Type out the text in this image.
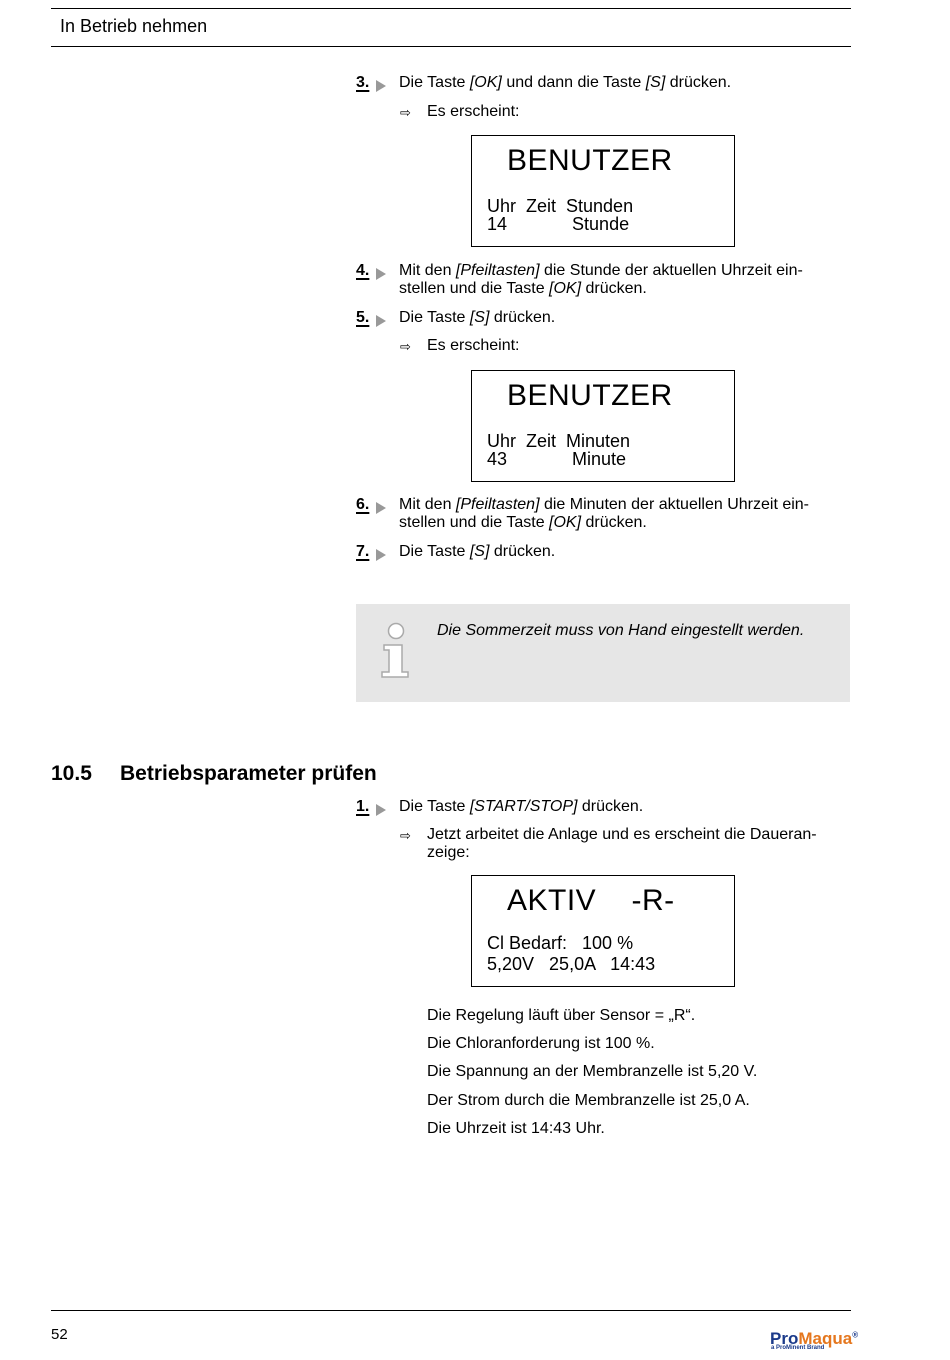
In Betrieb nehmen
3. Die Taste [OK] und dann die Taste [S] drücken.
⇨ Es erscheint:
BENUTZER
Uhr  Zeit  Stunden
14             Stunde
4. Mit den [Pfeiltasten] die Stunde der aktuellen Uhrzeit ein-
stellen und die Taste [OK] drücken.
5. Die Taste [S] drücken.
⇨ Es erscheint:
BENUTZER
Uhr  Zeit  Minuten
43             Minute
6. Mit den [Pfeiltasten] die Minuten der aktuellen Uhrzeit ein-
stellen und die Taste [OK] drücken.
7. Die Taste [S] drücken.
Die Sommerzeit muss von Hand eingestellt werden.
10.5 Betriebsparameter prüfen
1. Die Taste [START/STOP] drücken.
⇨ Jetzt arbeitet die Anlage und es erscheint die Daueran-
zeige:
AKTIV    -R-
Cl Bedarf:   100 %
5,20V   25,0A   14:43
Die Regelung läuft über Sensor = „R“.
Die Chloranforderung ist 100 %.
Die Spannung an der Membranzelle ist 5,20 V.
Der Strom durch die Membranzelle ist 25,0 A.
Die Uhrzeit ist 14:43 Uhr.
52	ProMaqua®
a ProMinent Brand
